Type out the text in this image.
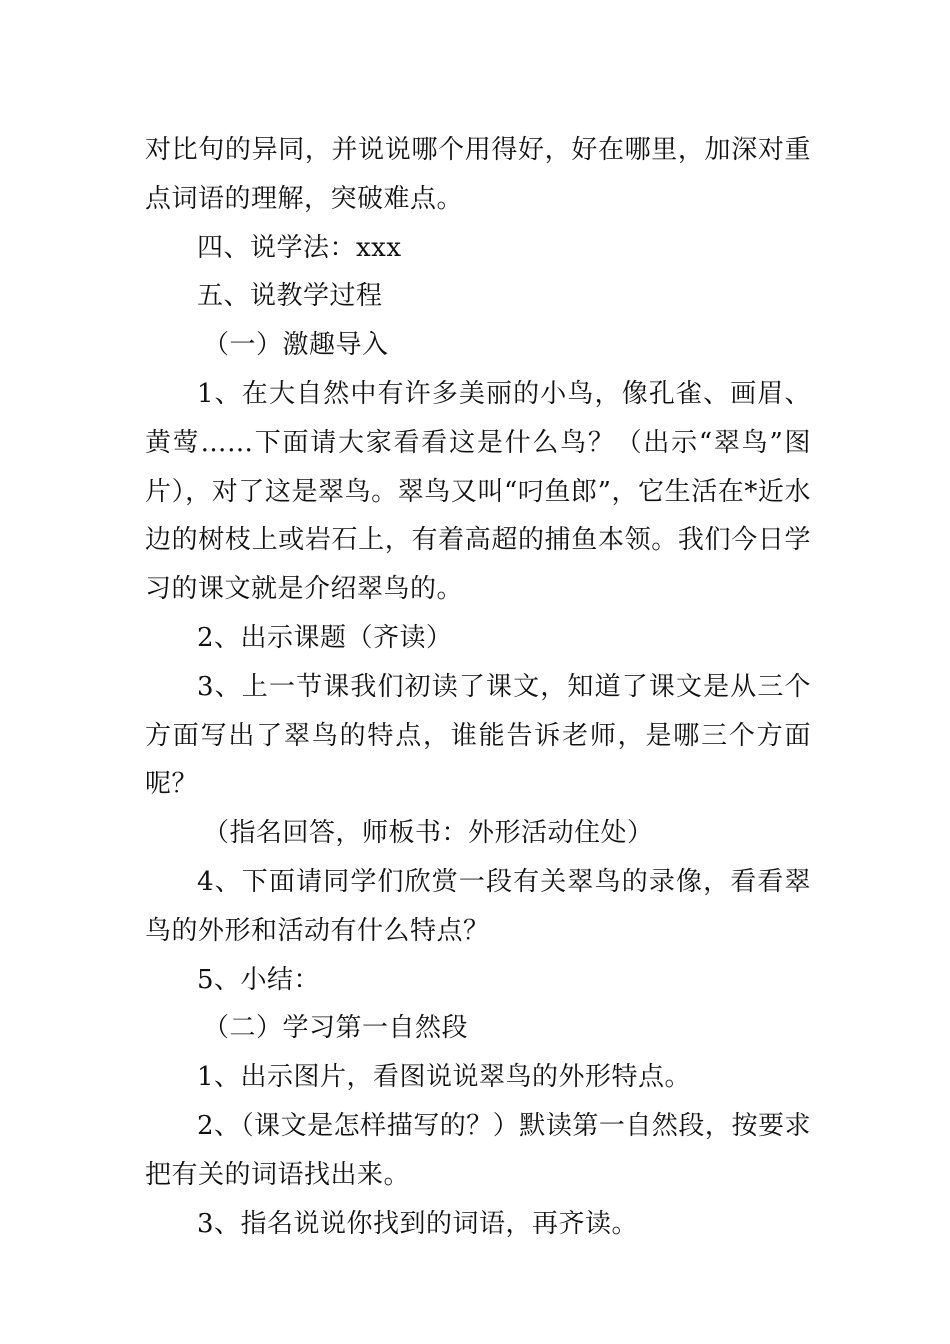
对比句的异同，并说说哪个用得好，好在哪里，加深对重点词语的理解，突破难点。

四、说学法：xxx

五、说教学过程

（一）激趣导入

1、在大自然中有许多美丽的小鸟，像孔雀、画眉、黄莺……下面请大家看看这是什么鸟？（出示“翠鸟”图片），对了这是翠鸟。翠鸟又叫“叼鱼郎”，它生活在*近水边的树枝上或岩石上，有着高超的捕鱼本领。我们今日学习的课文就是介绍翠鸟的。

2、出示课题（齐读）

3、上一节课我们初读了课文，知道了课文是从三个方面写出了翠鸟的特点，谁能告诉老师，是哪三个方面呢？

（指名回答，师板书：外形活动住处）

4、下面请同学们欣赏一段有关翠鸟的录像，看看翠鸟的外形和活动有什么特点？

5、小结：

（二）学习第一自然段

1、出示图片，看图说说翠鸟的外形特点。

2、（课文是怎样描写的？）默读第一自然段，按要求把有关的词语找出来。

3、指名说说你找到的词语，再齐读。
